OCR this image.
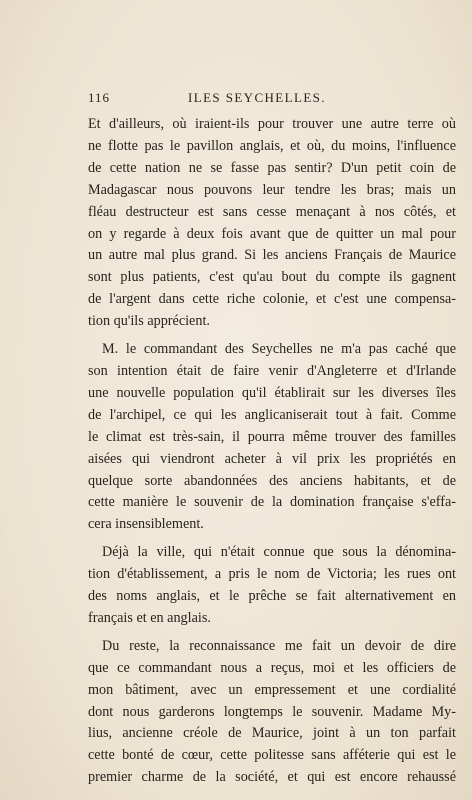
116	ILES SEYCHELLES.

Et d'ailleurs, où iraient-ils pour trouver une autre terre où

ne flotte pas le pavillon anglais, et où, du moins, l'influence

de cette nation ne se fasse pas sentir? D'un petit coin de

Madagascar nous pouvons leur tendre les bras; mais un

fléau destructeur est sans cesse menaçant à nos côtés, et

on y regarde à deux fois avant que de quitter un mal pour

un autre mal plus grand. Si les anciens Français de Maurice

sont plus patients, c'est qu'au bout du compte ils gagnent

de l'argent dans cette riche colonie, et c'est une compensa-

tion qu'ils apprécient.

M. le commandant des Seychelles ne m'a pas caché que

son intention était de faire venir d'Angleterre et d'Irlande

une nouvelle population qu'il établirait sur les diverses îles

de l'archipel, ce qui les anglicaniserait tout à fait. Comme

le climat est très-sain, il pourra même trouver des familles

aisées qui viendront acheter à vil prix les propriétés en

quelque sorte abandonnées des anciens habitants, et de

cette manière le souvenir de la domination française s'effa-

cera insensiblement.

Déjà la ville, qui n'était connue que sous la dénomina-

tion d'établissement, a pris le nom de Victoria; les rues ont

des noms anglais, et le prêche se fait alternativement en

français et en anglais.

Du reste, la reconnaissance me fait un devoir de dire

que ce commandant nous a reçus, moi et les officiers de

mon bâtiment, avec un empressement et une cordialité

dont nous garderons longtemps le souvenir. Madame My-

lius, ancienne créole de Maurice, joint à un ton parfait

cette bonté de cœur, cette politesse sans afféterie qui est le

premier charme de la société, et qui est encore rehaussé
